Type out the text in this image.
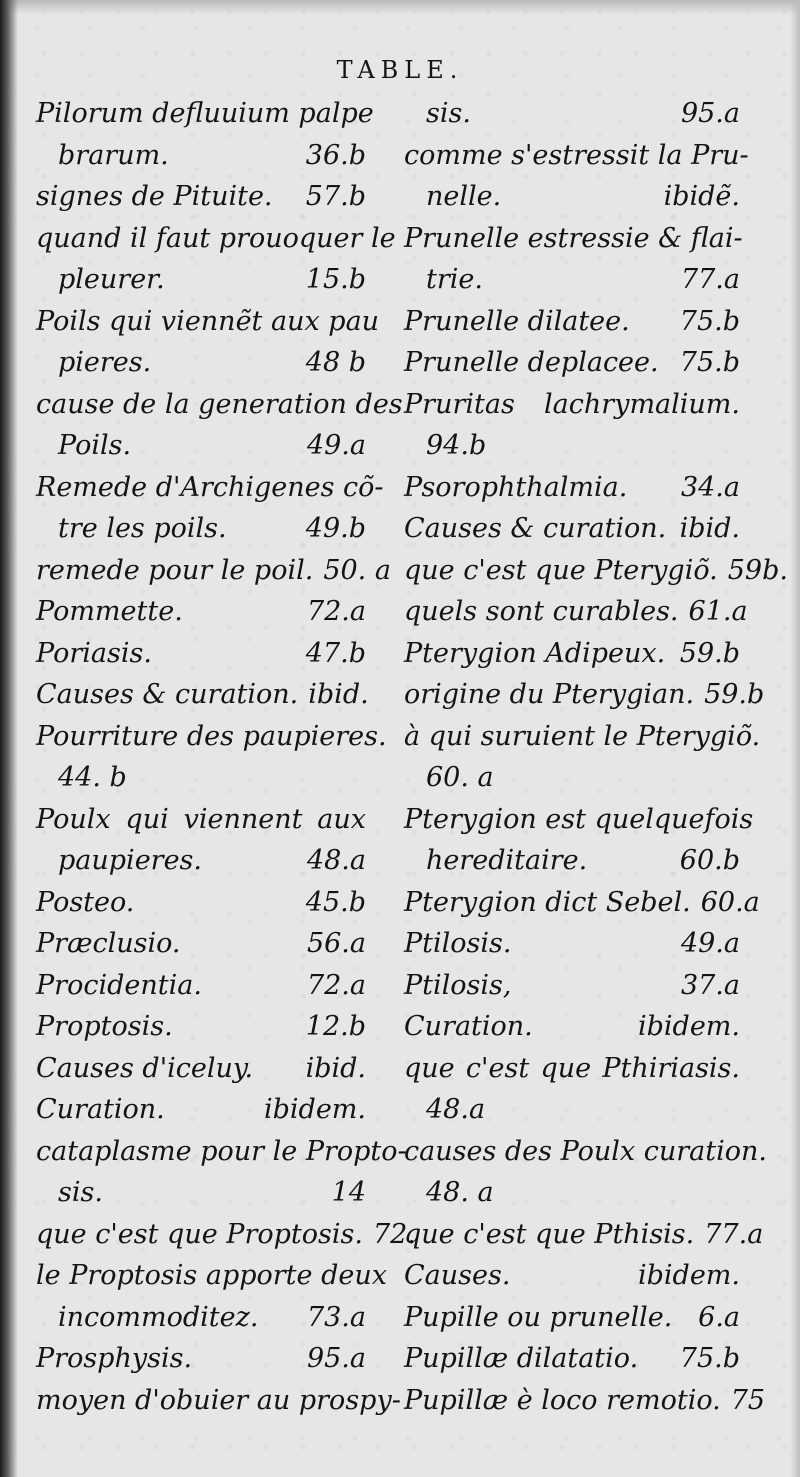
TABLE.
Pilorum defluuium palpe
brarum.	36.b
signes de Pituite. 57.b
quand il faut prouoquer le
pleurer.	15.b
Poils qui viennẽt aux pau
pieres.	48 b
cause de la generation des
Poils.	49.a
Remede d'Archigenes cõ-
tre les poils.	49.b
remede pour le poil. 50. a
Pommette.	72.a
Poriasis.	47.b
Causes & curation. ibid.
Pourriture des paupieres.
44. b
Poulx qui viennent aux
paupieres.	48.a
Posteo.	45.b
Præclusio.	56.a
Procidentia.	72.a
Proptosis.	12.b
Causes d'iceluy. ibid.
Curation.	ibidem.
cataplasme pour le Propto-
sis.	14
que c'est que Proptosis. 72.
le Proptosis apporte deux
incommoditez. 73.a
Prosphysis.	95.a
moyen d'obuier au prospy-
sis.	95.a
comme s'estressit la Pru-
nelle.	ibidẽ.
Prunelle estressie & flai-
trie.	77.a
Prunelle dilatee. 75.b
Prunelle deplacee. 75.b
Pruritas lachrymalium.
94.b
Psorophthalmia. 34.a
Causes & curation. ibid.
que c'est que Pterygiõ. 59b.
quels sont curables. 61.a
Pterygion Adipeux. 59.b
origine du Pterygian. 59.b
à qui suruient le Pterygiõ.
60. a
Pterygion est quelquefois
hereditaire.	60.b
Pterygion dict Sebel. 60.a
Ptilosis.	49.a
Ptilosis,	37.a
Curation.	ibidem.
que c'est que Pthiriasis.
48.a
causes des Poulx curation.
48. a
que c'est que Pthisis. 77.a
Causes.	ibidem.
Pupille ou prunelle. 6.a
Pupillæ dilatatio. 75.b
Pupillæ è loco remotio. 75
